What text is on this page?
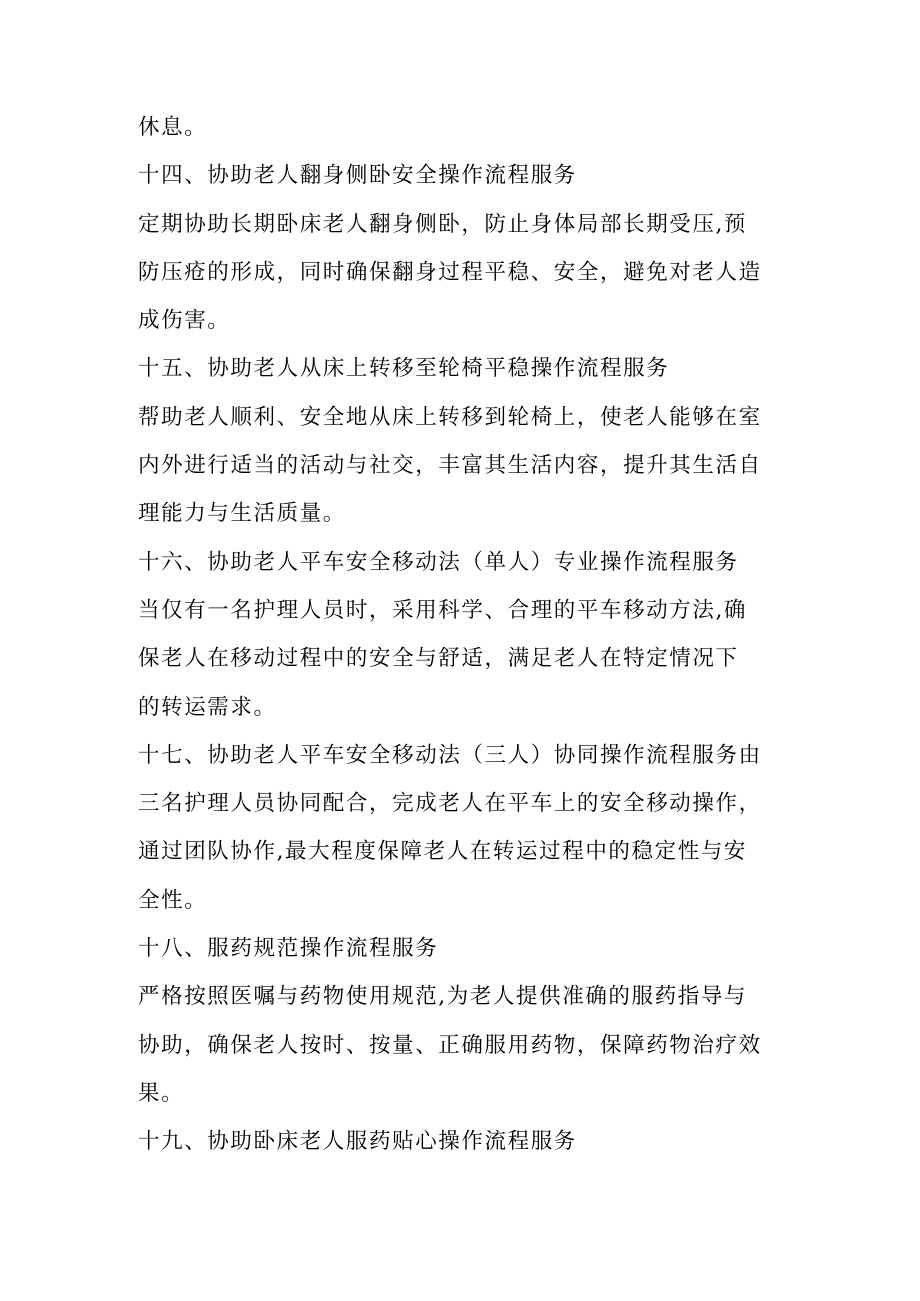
休息。
十四、协助老人翻身侧卧安全操作流程服务
定期协助长期卧床老人翻身侧卧，防止身体局部长期受压,预
防压疮的形成，同时确保翻身过程平稳、安全，避免对老人造
成伤害。
十五、协助老人从床上转移至轮椅平稳操作流程服务
帮助老人顺利、安全地从床上转移到轮椅上，使老人能够在室
内外进行适当的活动与社交，丰富其生活内容，提升其生活自
理能力与生活质量。
十六、协助老人平车安全移动法（单人）专业操作流程服务
当仅有一名护理人员时，采用科学、合理的平车移动方法,确
保老人在移动过程中的安全与舒适，满足老人在特定情况下
的转运需求。
十七、协助老人平车安全移动法（三人）协同操作流程服务由
三名护理人员协同配合，完成老人在平车上的安全移动操作，
通过团队协作,最大程度保障老人在转运过程中的稳定性与安
全性。
十八、服药规范操作流程服务
严格按照医嘱与药物使用规范,为老人提供准确的服药指导与
协助，确保老人按时、按量、正确服用药物，保障药物治疗效
果。
十九、协助卧床老人服药贴心操作流程服务
